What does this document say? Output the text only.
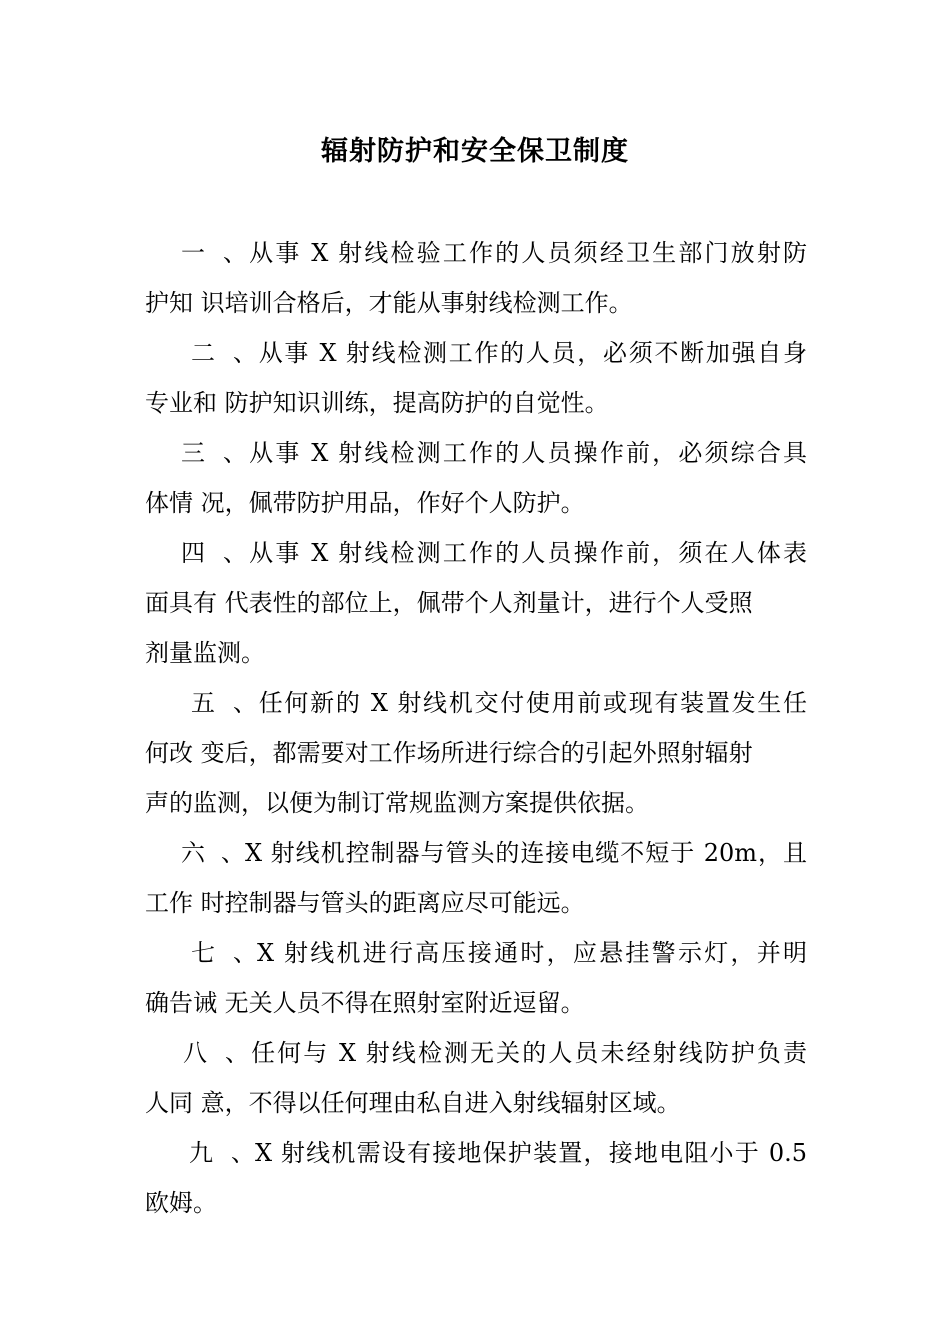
辐射防护和安全保卫制度
一、从事 X 射线检验工作的人员须经卫生部门放射防
护知 识培训合格后，才能从事射线检测工作。
二、从事 X 射线检测工作的人员，必须不断加强自身
专业和 防护知识训练，提高防护的自觉性。
三、从事 X 射线检测工作的人员操作前，必须综合具
体情 况，佩带防护用品，作好个人防护。
四、从事 X 射线检测工作的人员操作前，须在人体表
面具有 代表性的部位上，佩带个人剂量计，进行个人受照
剂量监测。
五、任何新的 X 射线机交付使用前或现有装置发生任
何改 变后，都需要对工作场所进行综合的引起外照射辐射
声的监测，以便为制订常规监测方案提供依据。
六、X 射线机控制器与管头的连接电缆不短于 20m，且
工作 时控制器与管头的距离应尽可能远。
七、X 射线机进行高压接通时，应悬挂警示灯，并明
确告诫 无关人员不得在照射室附近逗留。
八、任何与 X 射线检测无关的人员未经射线防护负责
人同 意，不得以任何理由私自进入射线辐射区域。
九、X 射线机需设有接地保护装置，接地电阻小于 0.5
欧姆。
